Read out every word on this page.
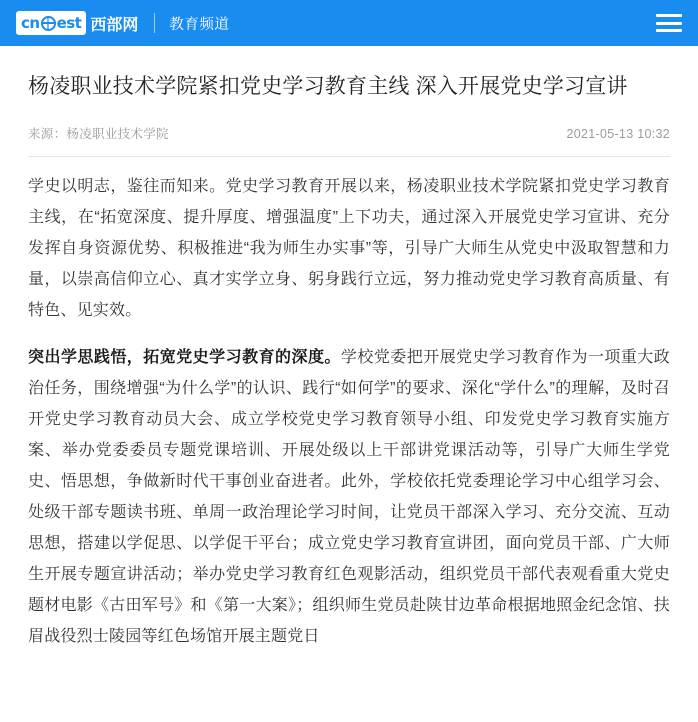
cn est 西部网 教育频道
杨凌职业技术学院紧扣党史学习教育主线 深入开展党史学习宣讲
来源：杨凌职业技术学院	2021-05-13 10:32

学史以明志，鉴往而知来。党史学习教育开展以来，杨凌职业技术学院紧扣党史学习教育主线，在“拓宽深度、提升厚度、增强温度”上下功夫，通过深入开展党史学习宣讲、充分发挥自身资源优势、积极推进“我为师生办实事”等，引导广大师生从党史中汲取智慧和力量，以崇高信仰立心、真才实学立身、躬身践行立远，努力推动党史学习教育高质量、有特色、见实效。

突出学思践悟，拓宽党史学习教育的深度。学校党委把开展党史学习教育作为一项重大政治任务，围绕增强“为什么学”的认识、践行“如何学”的要求、深化“学什么”的理解，及时召开党史学习教育动员大会、成立学校党史学习教育领导小组、印发党史学习教育实施方案、举办党委委员专题党课培训、开展处级以上干部讲党课活动等，引导广大师生学党史、悟思想，争做新时代干事创业奋进者。此外，学校依托党委理论学习中心组学习会、处级干部专题读书班、单周一政治理论学习时间，让党员干部深入学习、充分交流、互动思想，搭建以学促思、以学促干平台；成立党史学习教育宣讲团，面向党员干部、广大师生开展专题宣讲活动；举办党史学习教育红色观影活动，组织党员干部代表观看重大党史题材电影《古田军号》和《第一大案》；组织师生党员赴陕甘边革命根据地照金纪念馆、扶眉战役烈士陵园等红色场馆开展主题党日
